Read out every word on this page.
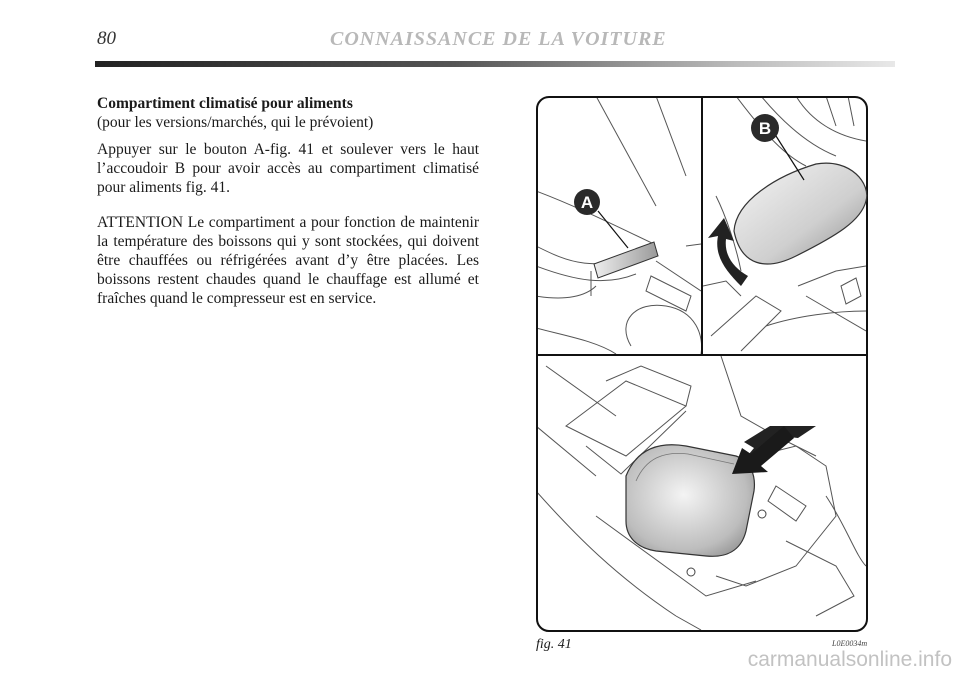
80	CONNAISSANCE DE LA VOITURE
Compartiment climatisé pour aliments
(pour les versions/marchés, qui le prévoient)

Appuyer sur le bouton A-fig. 41 et soulever vers le haut l’accoudoir B pour avoir accès au compartiment climatisé pour aliments fig. 41.

ATTENTION Le compartiment a pour fonction de maintenir la température des boissons qui y sont stockées, qui doivent être chauffées ou réfrigérées avant d’y être placées. Les boissons restent chaudes quand le chauffage est allumé et fraîches quand le compresseur est en service.

A
B
fig. 41	L0E0034m
carmanualsonline.info
